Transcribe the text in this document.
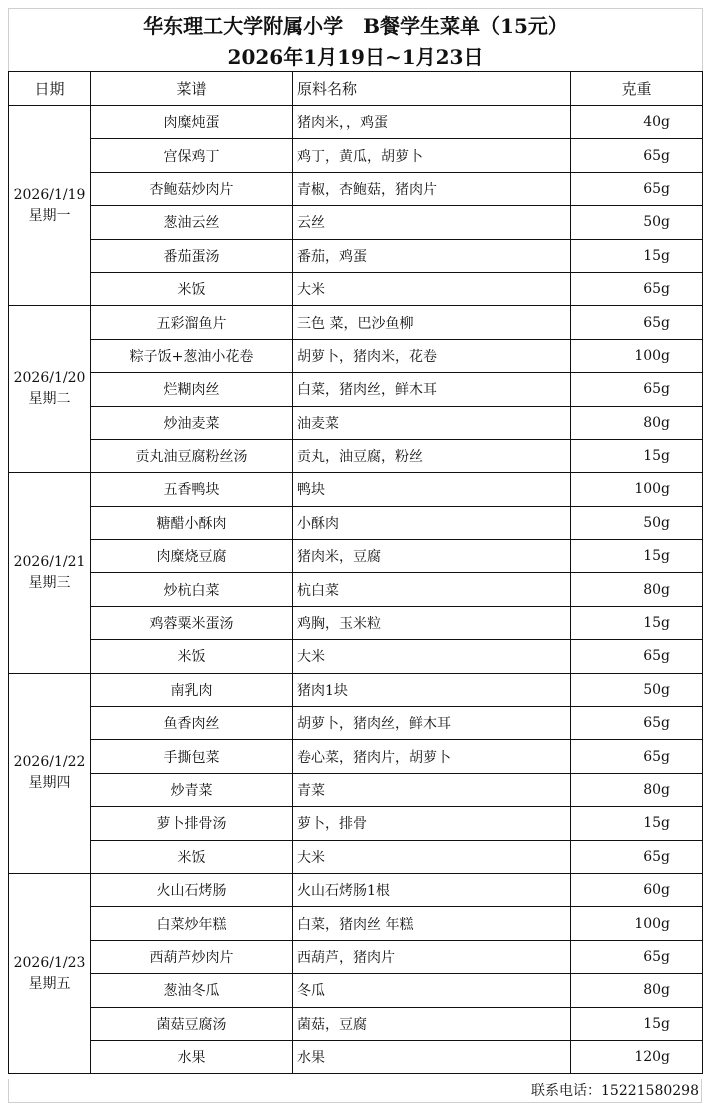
华东理工大学附属小学　B餐学生菜单（15元）			
2026年1月19日~1月23日			
日期	菜谱	原料名称	克重

2026/1/19
星期一	肉糜炖蛋	猪肉米，，鸡蛋	40g
	宫保鸡丁	鸡丁，黄瓜，胡萝卜	65g
	杏鲍菇炒肉片	青椒，杏鲍菇，猪肉片	65g
	葱油云丝	云丝	50g
	番茄蛋汤	番茄，鸡蛋	15g
	米饭	大米	65g

2026/1/20
星期二	五彩溜鱼片	三色 菜，巴沙鱼柳	65g
	粽子饭+葱油小花卷	胡萝卜，猪肉米，花卷	100g
	烂糊肉丝	白菜，猪肉丝，鲜木耳	65g
	炒油麦菜	油麦菜	80g
	贡丸油豆腐粉丝汤	贡丸，油豆腐，粉丝	15g

2026/1/21
星期三	五香鸭块	鸭块	100g
	糖醋小酥肉	小酥肉	50g
	肉糜烧豆腐	猪肉米，豆腐	15g
	炒杭白菜	杭白菜	80g
	鸡蓉粟米蛋汤	鸡胸，玉米粒	15g
	米饭	大米	65g

2026/1/22
星期四	南乳肉	猪肉1块	50g
	鱼香肉丝	胡萝卜，猪肉丝，鲜木耳	65g
	手撕包菜	卷心菜，猪肉片，胡萝卜	65g
	炒青菜	青菜	80g
	萝卜排骨汤	萝卜，排骨	15g
	米饭	大米	65g

2026/1/23
星期五	火山石烤肠	火山石烤肠1根	60g
	白菜炒年糕	白菜，猪肉丝 年糕	100g
	西葫芦炒肉片	西葫芦，猪肉片	65g
	葱油冬瓜	冬瓜	80g
	菌菇豆腐汤	菌菇，豆腐	15g
	水果	水果	120g
联系电话：15221580298
